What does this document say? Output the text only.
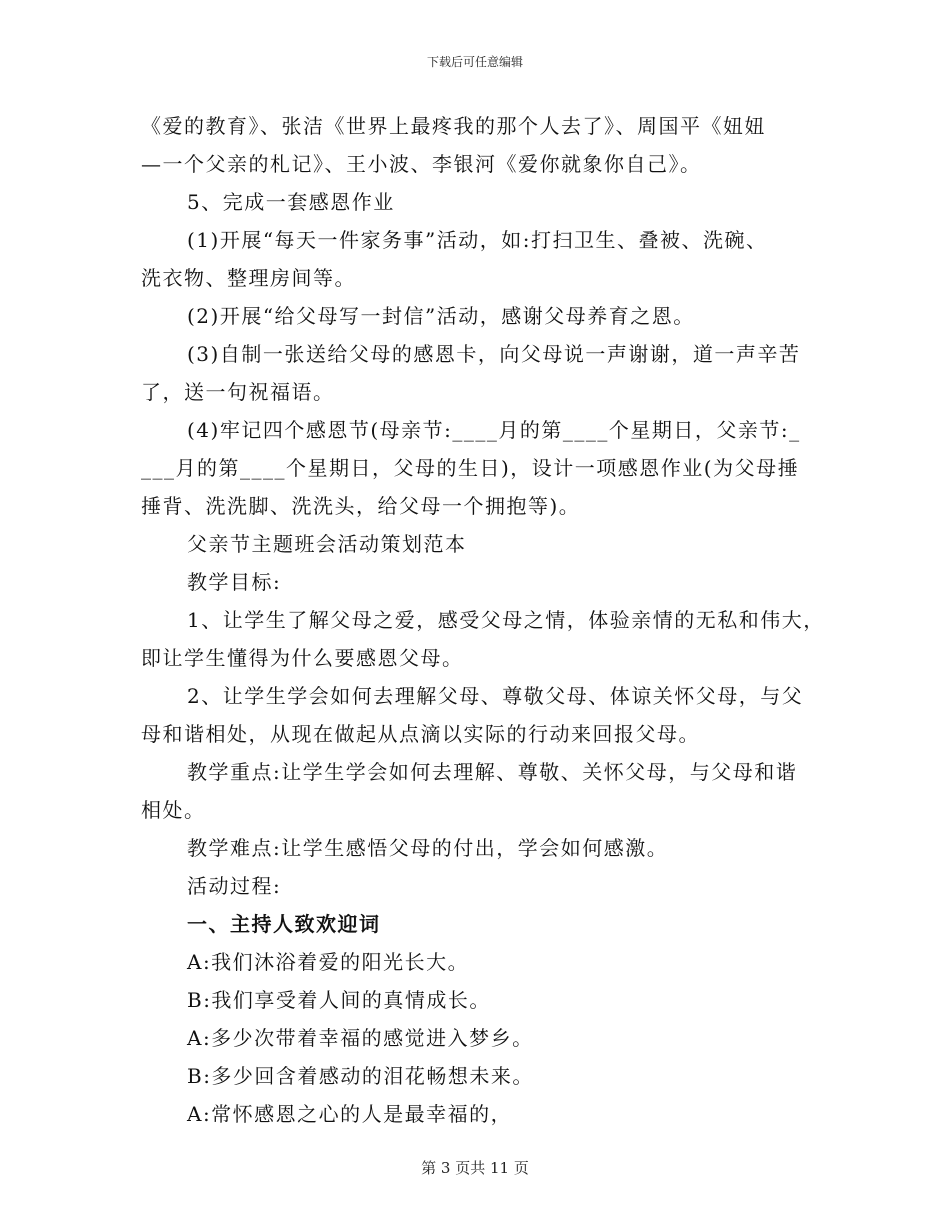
下载后可任意编辑
《爱的教育》、张洁《世界上最疼我的那个人去了》、周国平《妞妞
—一个父亲的札记》、王小波、李银河《爱你就象你自己》。
5、完成一套感恩作业
(1)开展“每天一件家务事”活动，如:打扫卫生、叠被、洗碗、
洗衣物、整理房间等。
(2)开展“给父母写一封信”活动，感谢父母养育之恩。
(3)自制一张送给父母的感恩卡，向父母说一声谢谢，道一声辛苦
了，送一句祝福语。
(4)牢记四个感恩节(母亲节:____月的第____个星期日，父亲节:_
___月的第____个星期日，父母的生日)，设计一项感恩作业(为父母捶
捶背、洗洗脚、洗洗头，给父母一个拥抱等)。
父亲节主题班会活动策划范本
教学目标:
1、让学生了解父母之爱，感受父母之情，体验亲情的无私和伟大，
即让学生懂得为什么要感恩父母。
2、让学生学会如何去理解父母、尊敬父母、体谅关怀父母，与父
母和谐相处，从现在做起从点滴以实际的行动来回报父母。
教学重点:让学生学会如何去理解、尊敬、关怀父母，与父母和谐
相处。
教学难点:让学生感悟父母的付出，学会如何感激。
活动过程:
一、主持人致欢迎词
A:我们沐浴着爱的阳光长大。
B:我们享受着人间的真情成长。
A:多少次带着幸福的感觉进入梦乡。
B:多少回含着感动的泪花畅想未来。
A:常怀感恩之心的人是最幸福的，
第 3 页共 11 页
